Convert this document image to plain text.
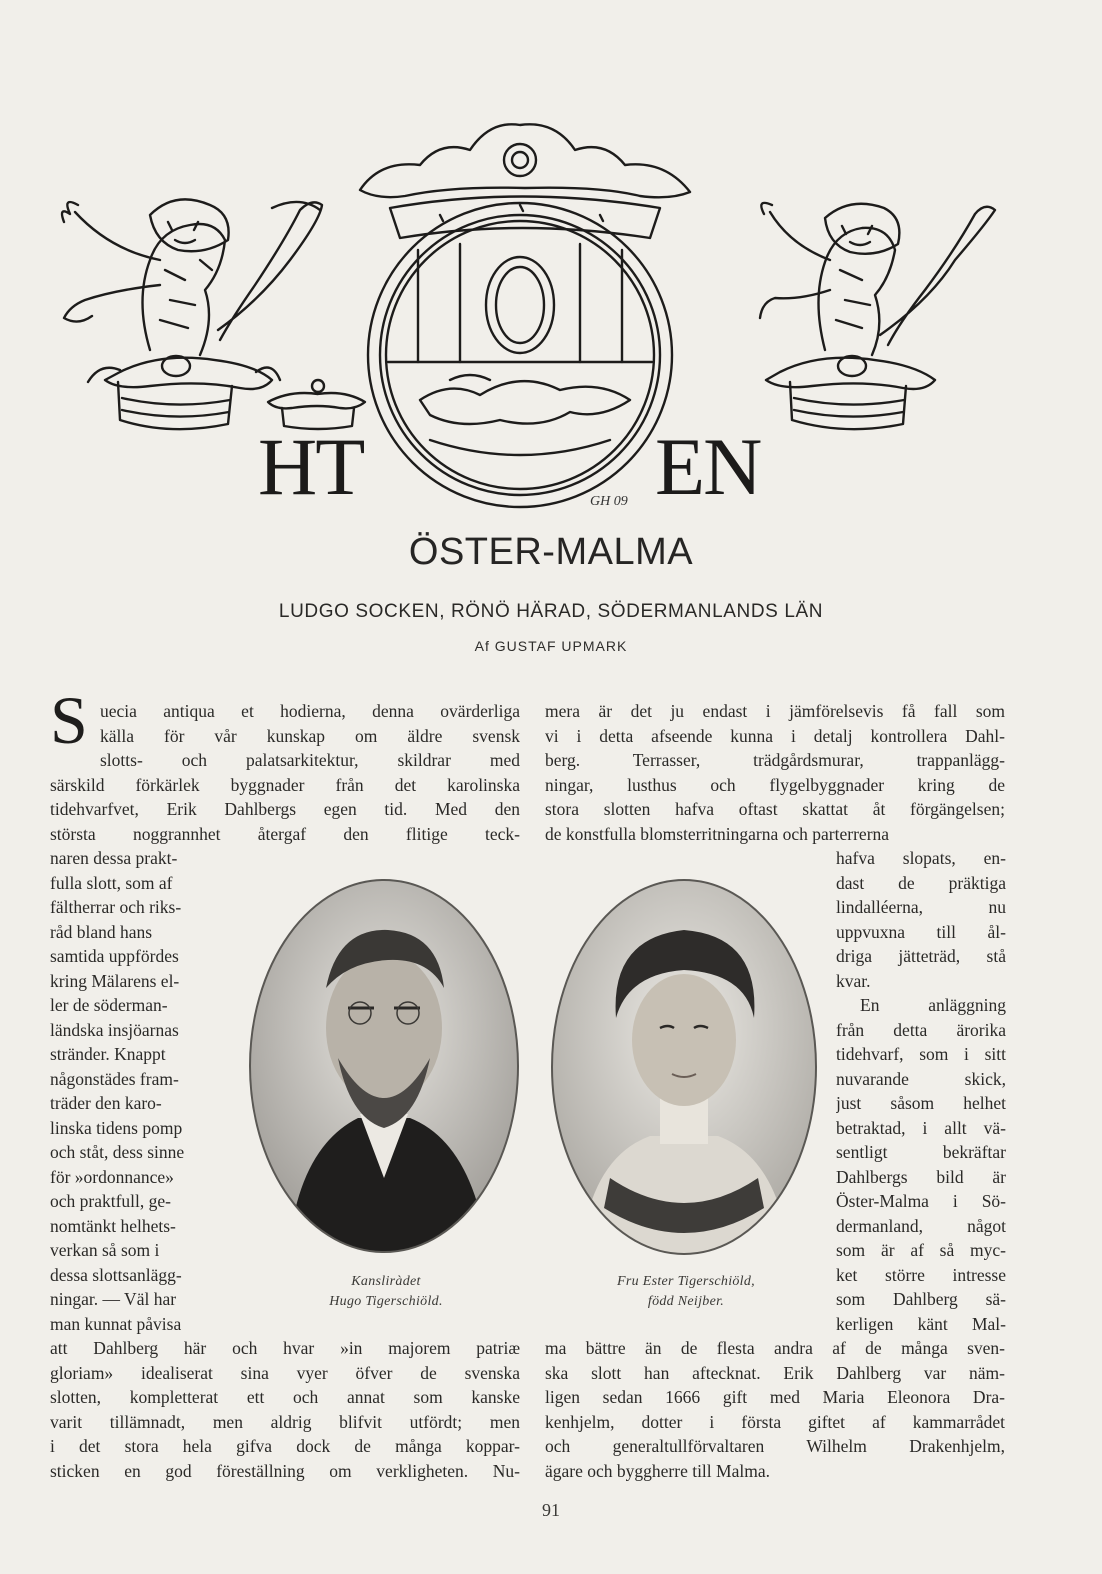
HT	EN
GH 09
ÖSTER-MALMA
LUDGO SOCKEN, RÖNÖ HÄRAD, SÖDERMANLANDS LÄN
Af GUSTAF UPMARK
S uecia antiqua et hodierna, denna ovärderliga
källa för vår kunskap om äldre svensk
slotts- och palatsarkitektur, skildrar med
särskild förkärlek byggnader från det karolinska
tidehvarfvet, Erik Dahlbergs egen tid. Med den
största noggrannhet återgaf den flitige teck-
naren dessa prakt-
fulla slott, som af
fältherrar och riks-
råd bland hans
samtida uppfördes
kring Mälarens el-
ler de söderman-
ländska insjöarnas
stränder. Knappt
någonstädes fram-
träder den karo-
linska tidens pomp
och ståt, dess sinne
för »ordonnance»
och praktfull, ge-
nomtänkt helhets-
verkan så som i
dessa slottsanlägg-
ningar. — Väl har
man kunnat påvisa
att Dahlberg här och hvar »in majorem patriæ
gloriam» idealiserat sina vyer öfver de svenska
slotten, kompletterat ett och annat som kanske
varit tillämnadt, men aldrig blifvit utfördt; men
i det stora hela gifva dock de många koppar-
sticken en god föreställning om verkligheten. Nu-
mera är det ju endast i jämförelsevis få fall som
vi i detta afseende kunna i detalj kontrollera Dahl-
berg. Terrasser, trädgårdsmurar, trappanlägg-
ningar, lusthus och flygelbyggnader kring de
stora slotten hafva oftast skattat åt förgängelsen;
de konstfulla blomsterritningarna och parterrerna
hafva slopats, en-
dast de präktiga
lindalléerna, nu
uppvuxna till ål-
driga jätteträd, stå
kvar.
En anläggning
från detta ärorika
tidehvarf, som i sitt
nuvarande skick,
just såsom helhet
betraktad, i allt vä-
sentligt bekräftar
Dahlbergs bild är
Öster-Malma i Sö-
dermanland, något
som är af så myc-
ket större intresse
som Dahlberg sä-
kerligen känt Mal-
ma bättre än de flesta andra af de många sven-
ska slott han aftecknat. Erik Dahlberg var näm-
ligen sedan 1666 gift med Maria Eleonora Dra-
kenhjelm, dotter i första giftet af kammarrådet
och generaltullförvaltaren Wilhelm Drakenhjelm,
ägare och byggherre till Malma.
Kansliràdet
Hugo Tigerschiöld.
Fru Ester Tigerschiöld,
född Neijber.
91
